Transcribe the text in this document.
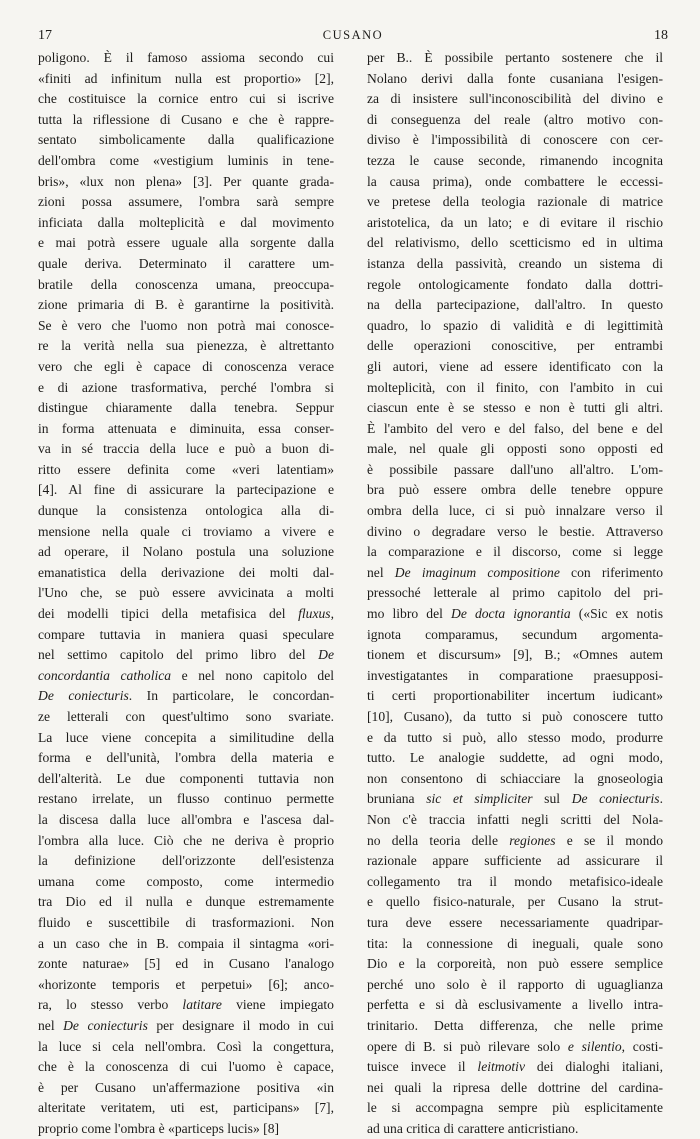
17	CUSANO	18
poligono. È il famoso assioma secondo cui
«finiti ad infinitum nulla est proportio» [2],
che costituisce la cornice entro cui si iscrive
tutta la riflessione di Cusano e che è rappre-
sentato simbolicamente dalla qualificazione
dell'ombra come «vestigium luminis in tene-
bris», «lux non plena» [3]. Per quante grada-
zioni possa assumere, l'ombra sarà sempre
inficiata dalla molteplicità e dal movimento
e mai potrà essere uguale alla sorgente dalla
quale deriva. Determinato il carattere um-
bratile della conoscenza umana, preoccupa-
zione primaria di B. è garantirne la positività.
Se è vero che l'uomo non potrà mai conosce-
re la verità nella sua pienezza, è altrettanto
vero che egli è capace di conoscenza verace
e di azione trasformativa, perché l'ombra si
distingue chiaramente dalla tenebra. Seppur
in forma attenuata e diminuita, essa conser-
va in sé traccia della luce e può a buon di-
ritto essere definita come «veri latentiam»
[4]. Al fine di assicurare la partecipazione e
dunque la consistenza ontologica alla di-
mensione nella quale ci troviamo a vivere e
ad operare, il Nolano postula una soluzione
emanatistica della derivazione dei molti dal-
l'Uno che, se può essere avvicinata a molti
dei modelli tipici della metafisica del fluxus,
compare tuttavia in maniera quasi speculare
nel settimo capitolo del primo libro del De
concordantia catholica e nel nono capitolo del
De coniecturis. In particolare, le concordan-
ze letterali con quest'ultimo sono svariate.
La luce viene concepita a similitudine della
forma e dell'unità, l'ombra della materia e
dell'alterità. Le due componenti tuttavia non
restano irrelate, un flusso continuo permette
la discesa dalla luce all'ombra e l'ascesa dal-
l'ombra alla luce. Ciò che ne deriva è proprio
la definizione dell'orizzonte dell'esistenza
umana come composto, come intermedio
tra Dio ed il nulla e dunque estremamente
fluido e suscettibile di trasformazioni. Non
a un caso che in B. compaia il sintagma «ori-
zonte naturae» [5] ed in Cusano l'analogo
«horizonte temporis et perpetui» [6]; anco-
ra, lo stesso verbo latitare viene impiegato
nel De coniecturis per designare il modo in cui
la luce si cela nell'ombra. Così la congettura,
che è la conoscenza di cui l'uomo è capace,
è per Cusano un'affermazione positiva «in
alteritate veritatem, uti est, participans» [7],
proprio come l'ombra è «particeps lucis» [8]
per B.. È possibile pertanto sostenere che il
Nolano derivi dalla fonte cusaniana l'esigen-
za di insistere sull'inconoscibilità del divino e
di conseguenza del reale (altro motivo con-
diviso è l'impossibilità di conoscere con cer-
tezza le cause seconde, rimanendo incognita
la causa prima), onde combattere le eccessi-
ve pretese della teologia razionale di matrice
aristotelica, da un lato; e di evitare il rischio
del relativismo, dello scetticismo ed in ultima
istanza della passività, creando un sistema di
regole ontologicamente fondato dalla dottri-
na della partecipazione, dall'altro. In questo
quadro, lo spazio di validità e di legittimità
delle operazioni conoscitive, per entrambi
gli autori, viene ad essere identificato con la
molteplicità, con il finito, con l'ambito in cui
ciascun ente è se stesso e non è tutti gli altri.
È l'ambito del vero e del falso, del bene e del
male, nel quale gli opposti sono opposti ed
è possibile passare dall'uno all'altro. L'om-
bra può essere ombra delle tenebre oppure
ombra della luce, ci si può innalzare verso il
divino o degradare verso le bestie. Attraverso
la comparazione e il discorso, come si legge
nel De imaginum compositione con riferimento
pressoché letterale al primo capitolo del pri-
mo libro del De docta ignorantia («Sic ex notis
ignota comparamus, secundum argomenta-
tionem et discursum» [9], B.; «Omnes autem
investigatantes in comparatione praesupposi-
ti certi proportionabiliter incertum iudicant»
[10], Cusano), da tutto si può conoscere tutto
e da tutto si può, allo stesso modo, produrre
tutto. Le analogie suddette, ad ogni modo,
non consentono di schiacciare la gnoseologia
bruniana sic et simpliciter sul De coniecturis.
Non c'è traccia infatti negli scritti del Nola-
no della teoria delle regiones e se il mondo
razionale appare sufficiente ad assicurare il
collegamento tra il mondo metafisico-ideale
e quello fisico-naturale, per Cusano la strut-
tura deve essere necessariamente quadripar-
tita: la connessione di ineguali, quale sono
Dio e la corporeità, non può essere semplice
perché uno solo è il rapporto di uguaglianza
perfetta e si dà esclusivamente a livello intra-
trinitario. Detta differenza, che nelle prime
opere di B. si può rilevare solo e silentio, costi-
tuisce invece il leitmotiv dei dialoghi italiani,
nei quali la ripresa delle dottrine del cardina-
le si accompagna sempre più esplicitamente
ad una critica di carattere anticristiano.
